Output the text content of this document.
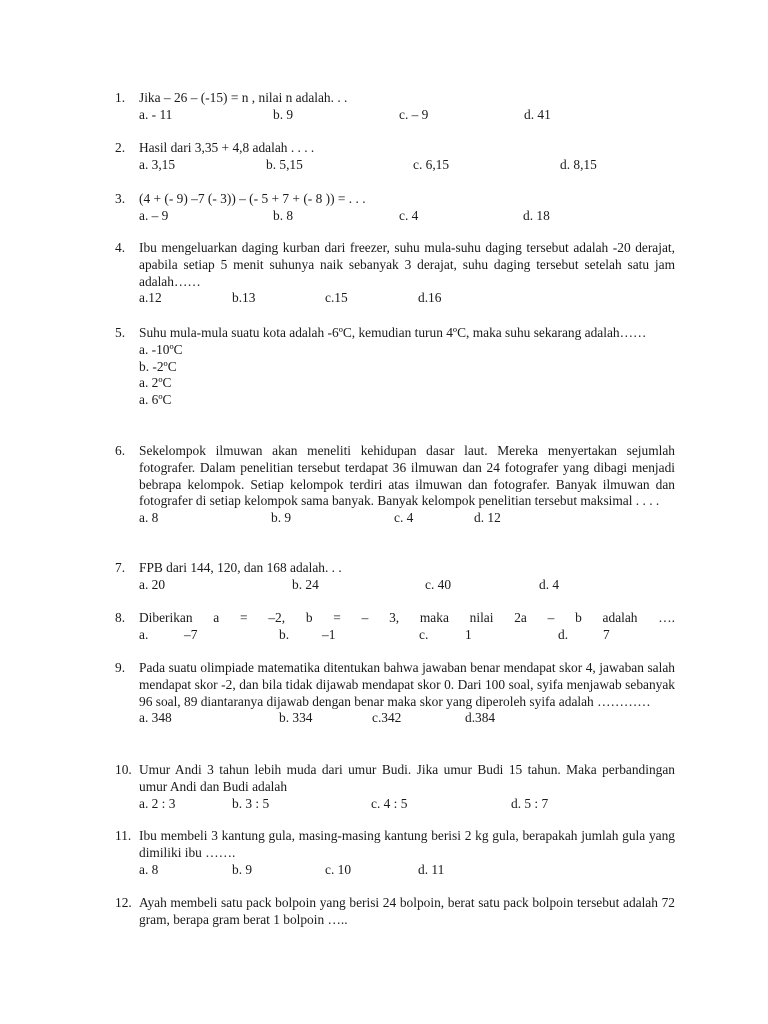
1. Jika – 26 – (-15) = n , nilai n adalah. . .
a. - 11	b. 9	c. – 9	d. 41
2. Hasil dari 3,35 + 4,8 adalah . . . .
a. 3,15	b. 5,15	c. 6,15	d. 8,15
3. (4 + (- 9) –7 (- 3)) – (- 5 + 7 + (- 8 )) = . . .
a. – 9	b. 8	c. 4	d. 18
4. Ibu mengeluarkan daging kurban dari freezer, suhu mula-suhu daging tersebut adalah -20 derajat, apabila setiap 5 menit suhunya naik sebanyak 3 derajat, suhu daging tersebut setelah satu jam adalah……
a.12	b.13	c.15	d.16
5. Suhu mula-mula suatu kota adalah -6ºC, kemudian turun 4ºC, maka suhu sekarang adalah……
a. -10ºC
b. -2ºC
a. 2ºC
a. 6ºC
6. Sekelompok ilmuwan akan meneliti kehidupan dasar laut. Mereka menyertakan sejumlah fotografer. Dalam penelitian tersebut terdapat 36 ilmuwan dan 24 fotografer yang dibagi menjadi bebrapa kelompok. Setiap kelompok terdiri atas ilmuwan dan fotografer. Banyak ilmuwan dan fotografer di setiap kelompok sama banyak. Banyak kelompok penelitian tersebut maksimal . . . .
a. 8	b. 9	c. 4	d. 12
7. FPB dari 144, 120, dan 168 adalah. . .
a. 20	b. 24	c. 40	d. 4
8. Diberikan a = –2, b = – 3, maka nilai 2a – b adalah ….
a.	–7	b. –1	c.	1	d.	7
9. Pada suatu olimpiade matematika ditentukan bahwa jawaban benar mendapat skor 4, jawaban salah mendapat skor -2, dan bila tidak dijawab mendapat skor 0. Dari 100 soal, syifa menjawab sebanyak 96 soal, 89 diantaranya dijawab dengan benar maka skor yang diperoleh syifa adalah …………
a. 348	b. 334	c.342	d.384
10. Umur Andi 3 tahun lebih muda dari umur Budi. Jika umur Budi 15 tahun. Maka perbandingan umur Andi dan Budi adalah
a. 2 : 3	b. 3 : 5	c. 4 : 5	d. 5 : 7
11. Ibu membeli 3 kantung gula, masing-masing kantung berisi 2 kg gula, berapakah jumlah gula yang dimiliki ibu …….
a. 8	b. 9	c. 10	d. 11
12. Ayah membeli satu pack bolpoin yang berisi 24 bolpoin, berat satu pack bolpoin tersebut adalah 72 gram, berapa gram berat 1 bolpoin …..
